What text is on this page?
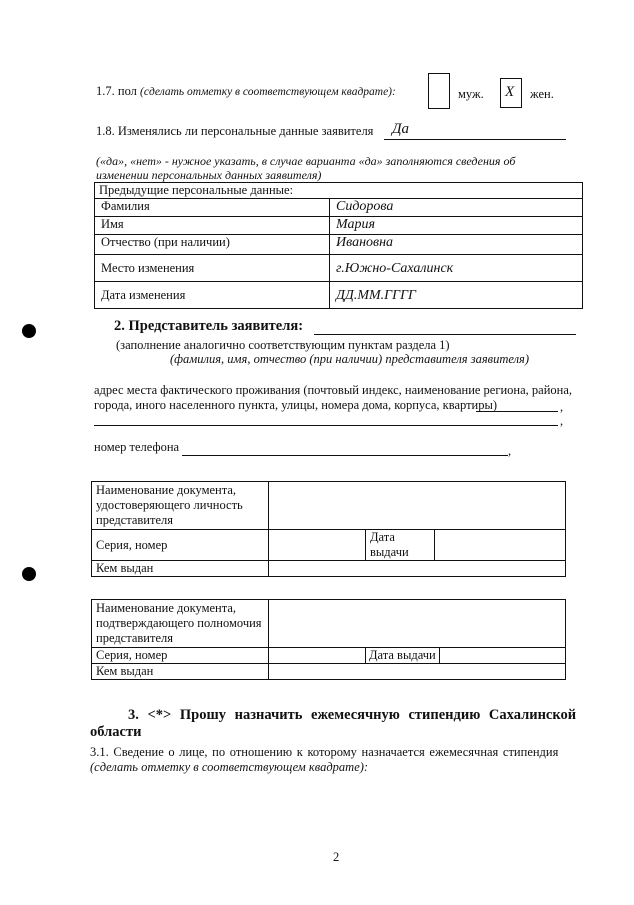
1.7. пол (сделать отметку в соответствующем квадрате):	муж. X жен.
1.8. Изменялись ли персональные данные заявителя Да
(«да», «нет» - нужное указать, в случае варианта «да» заполняются сведения об
изменении персональных данных заявителя)
Предыдущие персональные данные:	
Фамилия	Сидорова
Имя	Мария
Отчество (при наличии)	Ивановна
Место изменения	г.Южно-Сахалинск
Дата изменения	ДД.ММ.ГГГГ
2. Представитель заявителя:
(заполнение аналогично соответствующим пунктам раздела 1)
(фамилия, имя, отчество (при наличии) представителя заявителя)
адрес места фактического проживания (почтовый индекс, наименование региона, района,
города, иного населенного пункта, улицы, номера дома, корпуса, квартиры)	,
,
номер телефона	,
Наименование документа,
удостоверяющего личность
представителя			

Серия, номер		Дата
выдачи	

Кем выдан			
Наименование документа,
подтверждающего полномочия
представителя			

Серия, номер		Дата выдачи	
Кем выдан			
3. <*> Прошу назначить ежемесячную стипендию Сахалинской
области
3.1. Сведение о лице, по отношению к которому назначается ежемесячная стипендия
(сделать отметку в соответствующем квадрате):
2
